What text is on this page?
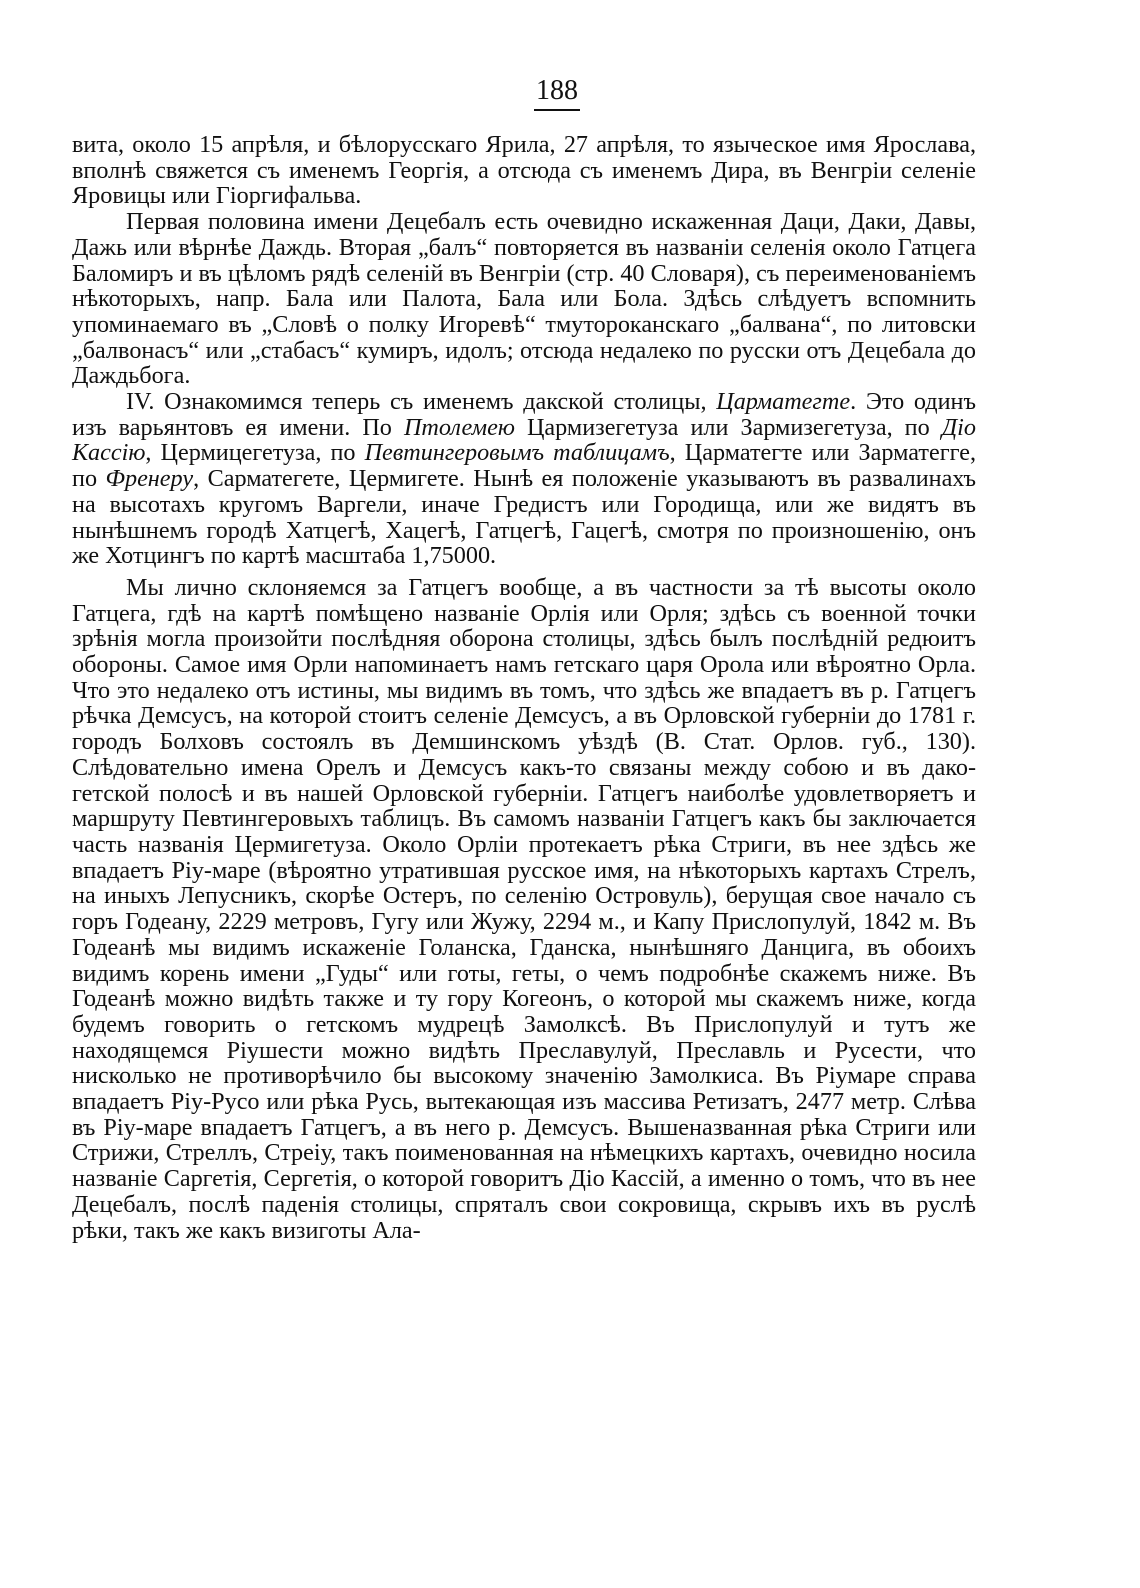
188

вита, около 15 апрѣля, и бѣлорусскаго Ярила, 27 апрѣля, то языческое имя Ярослава, вполнѣ свяжется съ именемъ Георгія, а отсюда съ именемъ Дира, въ Венгріи селеніе Яровицы или Гіоргифальва.

Первая половина имени Децебалъ есть очевидно искаженная Даци, Даки, Давы, Дажь или вѣрнѣе Даждь. Вторая „балъ“ повторяется въ названіи селенія около Гатцега Баломиръ и въ цѣломъ рядѣ селеній въ Венгріи (стр. 40 Словаря), съ переименованіемъ нѣкоторыхъ, напр. Бала или Палота, Бала или Бола. Здѣсь слѣдуетъ вспомнить упоминаемаго въ „Словѣ о полку Игоревѣ“ тмутороканскаго „балвана“, по литовски „балвонасъ“ или „стабасъ“ кумиръ, идолъ; отсюда недалеко по русски отъ Децебала до Даждьбога.

IV. Ознакомимся теперь съ именемъ дакской столицы, Царматегте. Это одинъ изъ варьянтовъ ея имени. По Птолемею Цармизегетуза или Зармизегетуза, по Діо Кассію, Цермицегетуза, по Певтингеровымъ таблицамъ, Царматегте или Зарматегге, по Френеру, Сарматегете, Цермигете. Нынѣ ея положеніе указываютъ въ развалинахъ на высотахъ кругомъ Варгели, иначе Гредистъ или Городища, или же видятъ въ нынѣшнемъ городѣ Хатцегѣ, Хацегѣ, Гатцегѣ, Гацегѣ, смотря по произношенію, онъ же Хотцингъ по картѣ масштаба 1,75000.

Мы лично склоняемся за Гатцегъ вообще, а въ частности за тѣ высоты около Гатцега, гдѣ на картѣ помѣщено названіе Орлія или Орля; здѣсь съ военной точки зрѣнія могла произойти послѣдняя оборона столицы, здѣсь былъ послѣдній редюитъ обороны. Самое имя Орли напоминаетъ намъ гетскаго царя Орола или вѣроятно Орла. Что это недалеко отъ истины, мы видимъ въ томъ, что здѣсь же впадаетъ въ р. Гатцегъ рѣчка Демсусъ, на которой стоитъ селеніе Демсусъ, а въ Орловской губерніи до 1781 г. городъ Болховъ состоялъ въ Демшинскомъ уѣздѣ (В. Стат. Орлов. губ., 130). Слѣдовательно имена Орелъ и Демсусъ какъ-то связаны между собою и въ дако-гетской полосѣ и въ нашей Орловской губерніи. Гатцегъ наиболѣе удовлетворяетъ и маршруту Певтингеровыхъ таблицъ. Въ самомъ названіи Гатцегъ какъ бы заключается часть названія Цермигетуза. Около Орліи протекаетъ рѣка Стриги, въ нее здѣсь же впадаетъ Ріу-маре (вѣроятно утратившая русское имя, на нѣкоторыхъ картахъ Стрелъ, на иныхъ Лепусникъ, скорѣе Остеръ, по селенію Островуль), берущая свое начало съ горъ Годеану, 2229 метровъ, Гугу или Жужу, 2294 м., и Капу Прислопулуй, 1842 м. Въ Годеанѣ мы видимъ искаженіе Голанска, Гданска, нынѣшняго Данцига, въ обоихъ видимъ корень имени „Гуды“ или готы, геты, о чемъ подробнѣе скажемъ ниже. Въ Годеанѣ можно видѣть также и ту гору Когеонъ, о которой мы скажемъ ниже, когда будемъ говорить о гетскомъ мудрецѣ Замолксѣ. Въ Прислопулуй и тутъ же находящемся Ріушести можно видѣть Преславулуй, Преславль и Русести, что нисколько не противорѣчило бы высокому значенію Замолкиса. Въ Ріумаре справа впадаетъ Ріу-Русо или рѣка Русь, вытекающая изъ массива Ретизатъ, 2477 метр. Слѣва въ Ріу-маре впадаетъ Гатцегъ, а въ него р. Демсусъ. Вышеназванная рѣка Стриги или Стрижи, Стреллъ, Стреіу, такъ поименованная на нѣмецкихъ картахъ, очевидно носила названіе Саргетія, Сергетія, о которой говоритъ Діо Кассій, а именно о томъ, что въ нее Децебалъ, послѣ паденія столицы, спряталъ свои сокровища, скрывъ ихъ въ руслѣ рѣки, такъ же какъ визиготы Ала-
